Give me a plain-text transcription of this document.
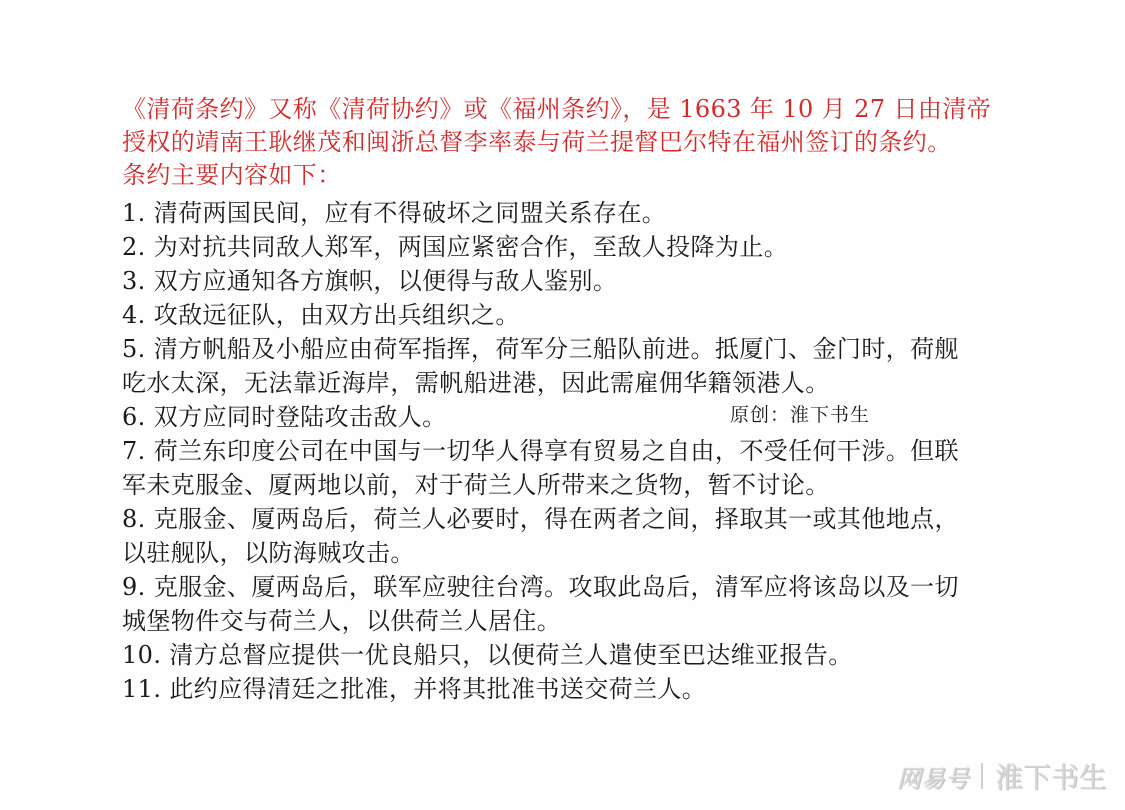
《清荷条约》又称《清荷协约》或《福州条约》，是 1663 年 10 月 27 日由清帝
授权的靖南王耿继茂和闽浙总督李率泰与荷兰提督巴尔特在福州签订的条约。
条约主要内容如下：
1. 清荷两国民间，应有不得破坏之同盟关系存在。
2. 为对抗共同敌人郑军，两国应紧密合作，至敌人投降为止。
3. 双方应通知各方旗帜，以便得与敌人鉴别。
4. 攻敌远征队，由双方出兵组织之。
5. 清方帆船及小船应由荷军指挥，荷军分三船队前进。抵厦门、金门时，荷舰
吃水太深，无法靠近海岸，需帆船进港，因此需雇佣华籍领港人。
6. 双方应同时登陆攻击敌人。
7. 荷兰东印度公司在中国与一切华人得享有贸易之自由，不受任何干涉。但联
军未克服金、厦两地以前，对于荷兰人所带来之货物，暂不讨论。
8. 克服金、厦两岛后，荷兰人必要时，得在两者之间，择取其一或其他地点，
以驻舰队，以防海贼攻击。
9. 克服金、厦两岛后，联军应驶往台湾。攻取此岛后，清军应将该岛以及一切
城堡物件交与荷兰人，以供荷兰人居住。
10. 清方总督应提供一优良船只，以便荷兰人遣使至巴达维亚报告。
11. 此约应得清廷之批准，并将其批准书送交荷兰人。
原创：淮下书生
网易号 淮下书生
